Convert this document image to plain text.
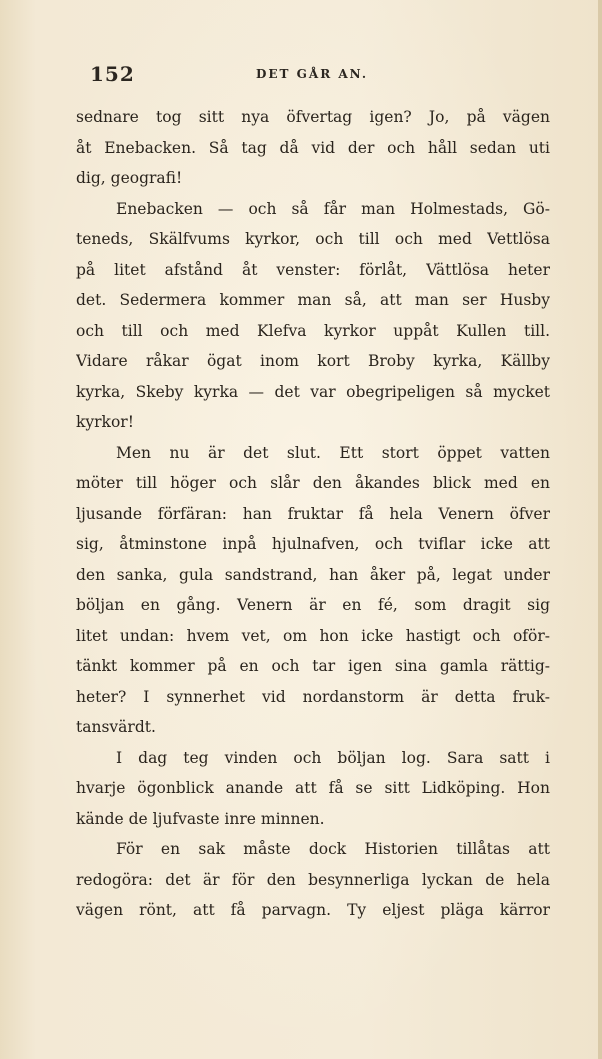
152	DET GÅR AN.
sednare tog sitt nya öfvertag igen? Jo, på vägen
åt Enebacken. Så tag då vid der och håll sedan uti
dig, geografi!
Enebacken — och så får man Holmestads, Gö-
teneds, Skälfvums kyrkor, och till och med Vettlösa
på litet afstånd åt venster: förlåt, Vättlösa heter
det. Sedermera kommer man så, att man ser Husby
och till och med Klefva kyrkor uppåt Kullen till.
Vidare råkar ögat inom kort Broby kyrka, Källby
kyrka, Skeby kyrka — det var obegripeligen så mycket
kyrkor!
Men nu är det slut. Ett stort öppet vatten
möter till höger och slår den åkandes blick med en
ljusande förfäran: han fruktar få hela Venern öfver
sig, åtminstone inpå hjulnafven, och tviflar icke att
den sanka, gula sandstrand, han åker på, legat under
böljan en gång. Venern är en fé, som dragit sig
litet undan: hvem vet, om hon icke hastigt och oför-
tänkt kommer på en och tar igen sina gamla rättig-
heter? I synnerhet vid nordanstorm är detta fruk-
tansvärdt.
I dag teg vinden och böljan log. Sara satt i
hvarje ögonblick anande att få se sitt Lidköping. Hon
kände de ljufvaste inre minnen.
För en sak måste dock Historien tillåtas att
redogöra: det är för den besynnerliga lyckan de hela
vägen rönt, att få parvagn. Ty eljest pläga kärror
